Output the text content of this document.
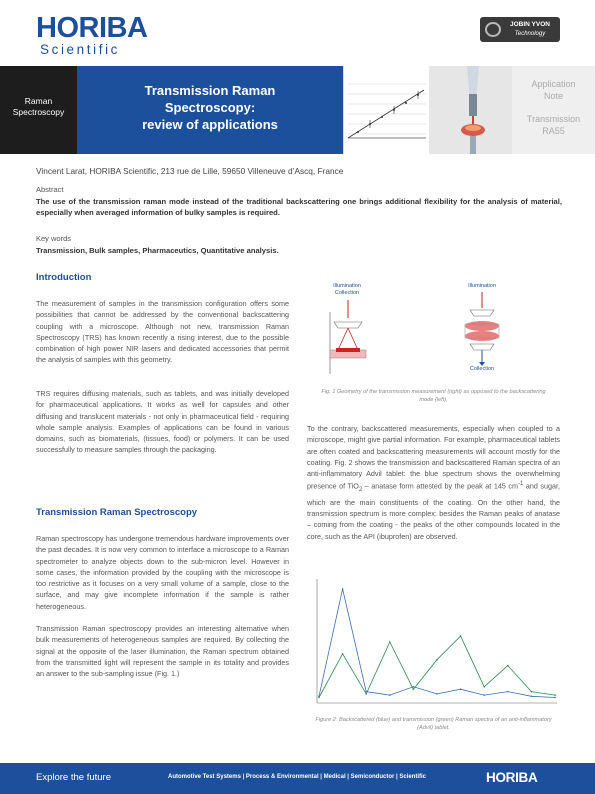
HORIBA
Scientific
JOBIN YVON
Technology
Raman
Spectroscopy
Transmission Raman
Spectroscopy:
review of applications
Application
Note
Transmission
RA55
Vincent Larat, HORIBA Scientific, 213 rue de Lille, 59650 Villeneuve d’Ascq, France
Abstract
The use of the transmission raman mode instead of the traditional backscattering one brings additional flexibility for the analysis of material, especially when averaged information of bulky samples is required.
Key words
Transmission, Bulk samples, Pharmaceutics, Quantitative analysis.
Introduction
The measurement of samples in the transmission configuration offers some possibilities that cannot be addressed by the conventional backscattering coupling with a microscope. Although not new, transmission Raman Spectroscopy (TRS) has known recently a rising interest, due to the possible combination of high power NIR lasers and dedicated accessories that permit the analysis of samples with this geometry.
TRS requires diffusing materials, such as tablets, and was initially developed for pharmaceutical applications. It works as well for capsules and other diffusing and translucent materials - not only in pharmaceutical field - requiring whole sample analysis. Examples of applications can be found in various domains, such as biomaterials, (tissues, food) or polymers. It can be used successfully to measure samples through the packaging.
Transmission Raman Spectroscopy
Raman spectroscopy has undergone tremendous hardware improvements over the past decades. It is now very common to interface a microscope to a Raman spectrometer to analyze objects down to the sub-micron level. However in some cases, the information provided by the coupling with the microscope is too restrictive as it focuses on a very small volume of a sample, close to the surface, and may give incomplete information if the sample is rather heterogeneous.
Transmission Raman spectroscopy provides an interesting alternative when bulk measurements of heterogeneous samples are required. By collecting the signal at the opposite of the laser illumination, the Raman spectrum obtained from the transmitted light will represent the sample in its totality and provides an answer to the sub-sampling issue (Fig. 1.)
Illumination
Collection
Illumination
Collection
Fig. 1 Geometry of the transmission measurement (right) as opposed to the backscattering
mode (left).
To the contrary, backscattered measurements, especially when coupled to a microscope, might give partial information. For example, pharmaceutical tablets are often coated and backscattering measurements will account mostly for the coating. Fig. 2 shows the transmission and backscattered Raman spectra of an anti-inflammatory Advil tablet: the blue spectrum shows the overwhelming presence of TiO$_2$ – anatase form attested by the peak at 145 $cm^{-1}$ and sugar, which are the main constituents of the coating. On the other hand, the transmission spectrum is more complex: besides the Raman peaks of anatase – coming from the coating - the peaks of the other compounds located in the core, such as the API (ibuprofen) are observed.
Figure 2: Backscattered (blue) and transmission (green) Raman spectra of an anti-inflammatory
(Advil) tablet.
Explore the future	Automotive Test Systems | Process & Environmental | Medical | Semiconductor | Scientific	HORIBA
